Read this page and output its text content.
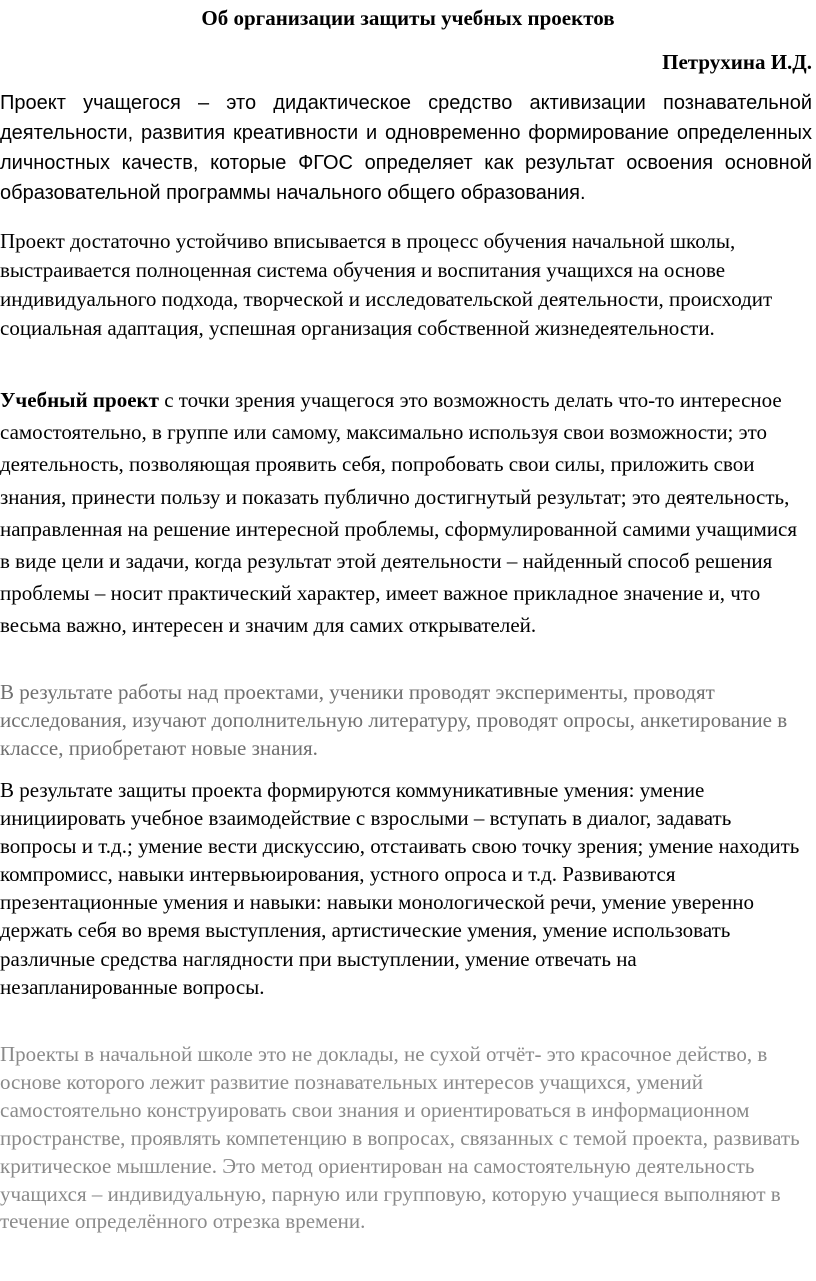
Об организации защиты учебных проектов

Петрухина И.Д.

Проект учащегося – это дидактическое средство активизации познавательной деятельности, развития креативности и одновременно формирование определенных личностных качеств, которые ФГОС определяет как результат освоения основной образовательной программы начального общего образования.

Проект достаточно устойчиво вписывается в процесс обучения начальной школы, выстраивается полноценная система обучения и воспитания учащихся на основе индивидуального подхода, творческой и исследовательской деятельности, происходит социальная адаптация, успешная организация собственной жизнедеятельности.

Учебный проект с точки зрения учащегося это возможность делать что-то интересное самостоятельно, в группе или самому, максимально используя свои возможности; это деятельность, позволяющая проявить себя, попробовать свои силы, приложить свои знания, принести пользу и показать публично достигнутый результат; это деятельность, направленная на решение интересной проблемы, сформулированной самими учащимися в виде цели и задачи, когда результат этой деятельности – найденный способ решения проблемы – носит практический характер, имеет важное прикладное значение и, что весьма важно, интересен и значим для самих открывателей.

В результате работы над проектами, ученики проводят эксперименты, проводят исследования, изучают дополнительную литературу, проводят опросы, анкетирование в классе, приобретают новые знания.

В результате защиты проекта формируются коммуникативные умения: умение инициировать учебное взаимодействие с взрослыми – вступать в диалог, задавать вопросы и т.д.; умение вести дискуссию, отстаивать свою точку зрения; умение находить компромисс, навыки интервьюирования, устного опроса и т.д. Развиваются презентационные умения и навыки: навыки монологической речи, умение уверенно держать себя во время выступления, артистические умения, умение использовать различные средства наглядности при выступлении, умение отвечать на незапланированные вопросы.

Проекты в начальной школе это не доклады, не сухой отчёт- это красочное действо, в основе которого лежит развитие познавательных интересов учащихся, умений самостоятельно конструировать свои знания и ориентироваться в информационном пространстве, проявлять компетенцию в вопросах, связанных с темой проекта, развивать критическое мышление. Это метод ориентирован на самостоятельную деятельность учащихся – индивидуальную, парную или групповую, которую учащиеся выполняют в течение определённого отрезка времени.
